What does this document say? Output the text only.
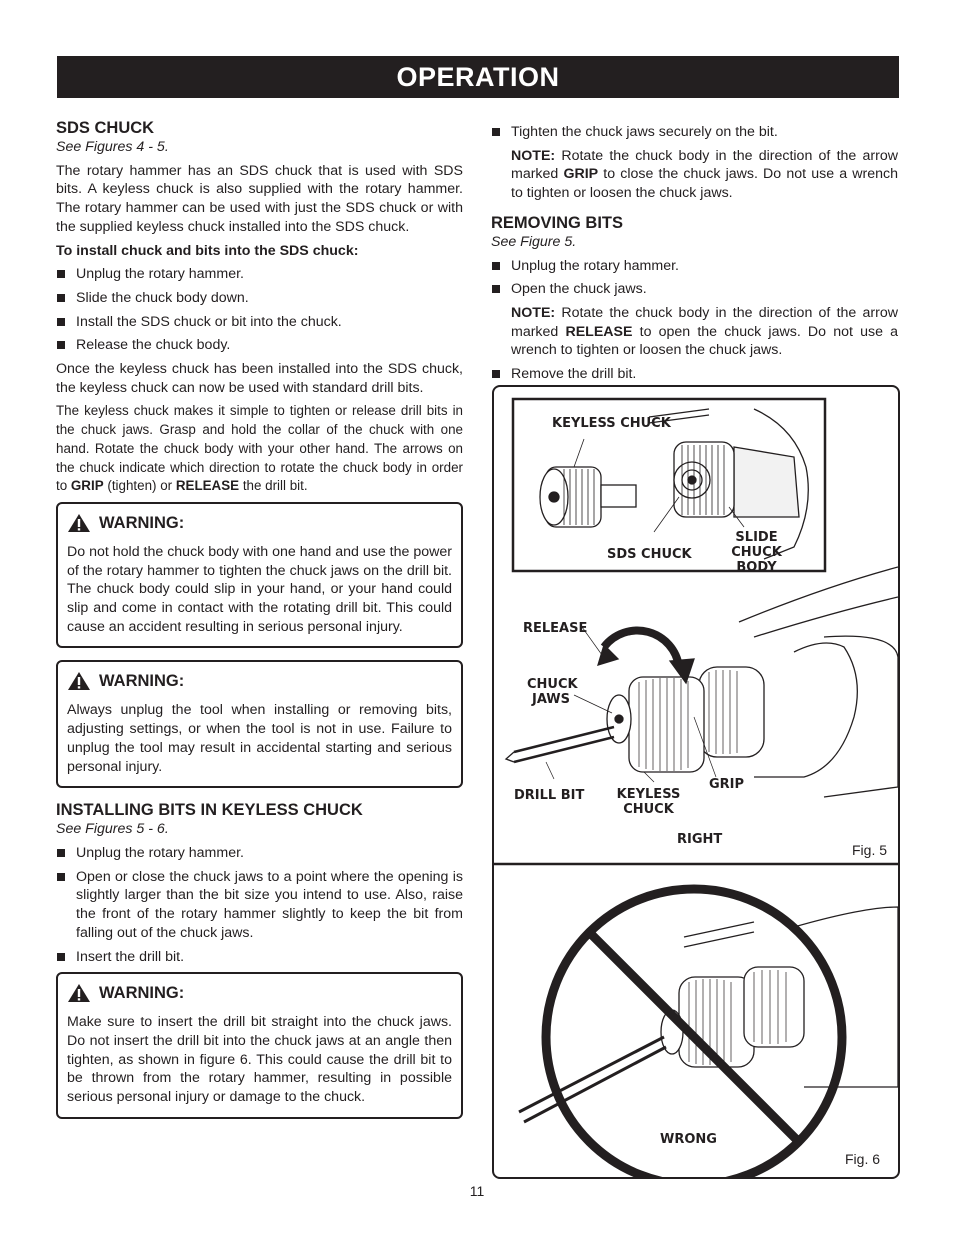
OPERATION
SDS CHUCK
See Figures 4 - 5.

The rotary hammer has an SDS chuck that is used with SDS bits. A keyless chuck is also supplied with the rotary hammer. The rotary hammer can be used with just the SDS chuck or with the supplied keyless chuck installed into the SDS chuck.

To install chuck and bits into the SDS chuck:

Unplug the rotary hammer.
Slide the chuck body down.
Install the SDS chuck or bit into the chuck.
Release the chuck body.

Once the keyless chuck has been installed into the SDS chuck, the keyless chuck can now be used with standard drill bits.

The keyless chuck makes it simple to tighten or release drill bits in the chuck jaws. Grasp and hold the collar of the chuck with one hand. Rotate the chuck body with your other hand. The arrows on the chuck indicate which direction to rotate the chuck body in order to GRIP (tighten) or RELEASE the drill bit.

WARNING:

Do not hold the chuck body with one hand and use the power of the rotary hammer to tighten the chuck jaws on the drill bit. The chuck body could slip in your hand, or your hand could slip and come in contact with the rotating drill bit. This could cause an accident resulting in serious personal injury.

WARNING:

Always unplug the tool when installing or removing bits, adjusting settings, or when the tool is not in use. Failure to unplug the tool may result in accidental starting and serious personal injury.

INSTALLING BITS IN KEYLESS CHUCK
See Figures 5 - 6.
Unplug the rotary hammer.
Open or close the chuck jaws to a point where the opening is slightly larger than the bit size you intend to use. Also, raise the front of the rotary hammer slightly to keep the bit from falling out of the chuck jaws.
Insert the drill bit.
WARNING:

Make sure to insert the drill bit straight into the chuck jaws. Do not insert the drill bit into the chuck jaws at an angle then tighten, as shown in figure 6. This could cause the drill bit to be thrown from the rotary hammer, resulting in possible serious personal injury or damage to the chuck.

Tighten the chuck jaws securely on the bit.

NOTE: Rotate the chuck body in the direction of the arrow marked GRIP to close the chuck jaws. Do not use a wrench to tighten or loosen the chuck jaws.

REMOVING BITS
See Figure 5.
Unplug the rotary hammer.
Open the chuck jaws.

NOTE: Rotate the chuck body in the direction of the arrow marked RELEASE to open the chuck jaws. Do not use a wrench to tighten or loosen the chuck jaws.

Remove the drill bit.
KEYLESS CHUCK
SDS CHUCK
SLIDE CHUCK BODY
RELEASE
CHUCK JAWS
DRILL BIT KEYLESS CHUCK
GRIP
RIGHT
Fig. 5
WRONG
Fig. 6
11
